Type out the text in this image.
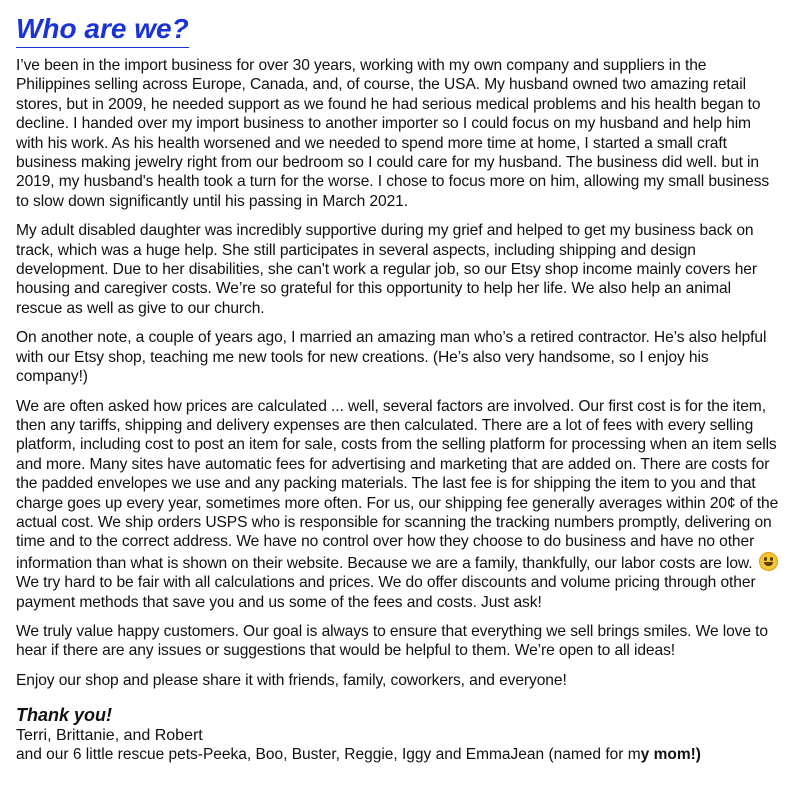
Who are we?

I’ve been in the import business for over 30 years, working with my own company and suppliers in the Philippines selling across Europe, Canada, and, of course, the USA. My husband owned two amazing retail stores, but in 2009, he needed support as we found he had serious medical problems and his health began to decline. I handed over my import business to another importer so I could focus on my husband and help him with his work. As his health worsened and we needed to spend more time at home, I started a small craft business making jewelry right from our bedroom so I could care for my husband. The business did well. but in 2019, my husband's health took a turn for the worse. I chose to focus more on him, allowing my small business to slow down significantly until his passing in March 2021.

My adult disabled daughter was incredibly supportive during my grief and helped to get my business back on track, which was a huge help. She still participates in several aspects, including shipping and design development. Due to her disabilities, she can't work a regular job, so our Etsy shop income mainly covers her housing and caregiver costs. We’re so grateful for this opportunity to help her life. We also help an animal rescue as well as give to our church.

On another note, a couple of years ago, I married an amazing man who’s a retired contractor. He’s also helpful with our Etsy shop, teaching me new tools for new creations. (He’s also very handsome, so I enjoy his company!)

We are often asked how prices are calculated ... well, several factors are involved. Our first cost is for the item, then any tariffs, shipping and delivery expenses are then calculated. There are a lot of fees with every selling platform, including cost to post an item for sale, costs from the selling platform for processing when an item sells and more. Many sites have automatic fees for advertising and marketing that are added on. There are costs for the padded envelopes we use and any packing materials. The last fee is for shipping the item to you and that charge goes up every year, sometimes more often. For us, our shipping fee generally averages within 20¢ of the actual cost. We ship orders USPS who is responsible for scanning the tracking numbers promptly, delivering on time and to the correct address. We have no control over how they choose to do business and have no other information than what is shown on their website. Because we are a family, thankfully, our labor costs are low.
We try hard to be fair with all calculations and prices. We do offer discounts and volume pricing through other payment methods that save you and us some of the fees and costs. Just ask!

We truly value happy customers. Our goal is always to ensure that everything we sell brings smiles. We love to hear if there are any issues or suggestions that would be helpful to them. We’re open to all ideas!

Enjoy our shop and please share it with friends, family, coworkers, and everyone!

Thank you!
Terri, Brittanie, and Robert
and our 6 little rescue pets-Peeka, Boo, Buster, Reggie, Iggy and EmmaJean (named for my mom!)
